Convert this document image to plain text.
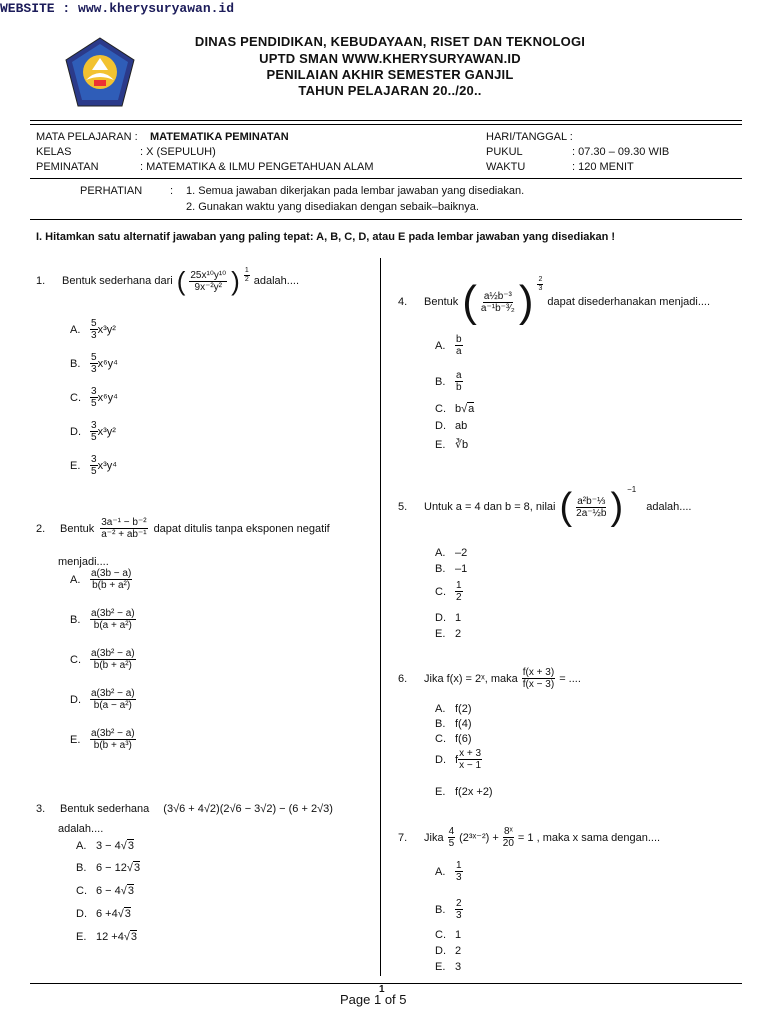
WEBSITE : www.kherysuryawan.id
DINAS PENDIDIKAN, KEBUDAYAAN, RISET DAN TEKNOLOGI
UPTD SMAN WWW.KHERYSURYAWAN.ID
PENILAIAN AKHIR SEMESTER GANJIL
TAHUN PELAJARAN 20../20..
MATA PELAJARAN : MATEMATIKA PEMINATAN
KELAS	: X (SEPULUH)
PEMINATAN	: MATEMATIKA & ILMU PENGETAHUAN ALAM
HARI/TANGGAL :
PUKUL	: 07.30 – 09.30 WIB
WAKTU	: 120 MENIT
PERHATIAN	: 1. Semua jawaban dikerjakan pada lembar jawaban yang disediakan.
2. Gunakan waktu yang disediakan dengan sebaik–baiknya.
I. Hitamkan satu alternatif jawaban yang paling tepat: A, B, C, D, atau E pada lembar jawaban yang disediakan !
1.	Bentuk sederhana dari ( $\frac{\text{25x¹⁰y¹⁰}}{\text{9x⁻²y²}}$ ) $\frac{1}{2}$ adalah....
A. $\frac{5}{3} x^3y^2$
B. $\frac{5}{3} x^6y^4$
C. $\frac{3}{5} x^6y^4$
D. $\frac{3}{5} x^3y^2$
E. $\frac{3}{5} x^3y^4$
2.	Bentuk $\frac{\text{3a⁻¹ − b⁻²}}{\text{a⁻² + ab⁻¹}}$ dapat ditulis tanpa eksponen negatif
menjadi....
A. $\frac{a(3b - a)}{\text{b(b + a²)}}$
B. $\frac{\text{a(3b² − a)}}{\text{b(a + a²)}}$
C. $\frac{\text{a(3b² − a)}}{\text{b(b + a²)}}$
D. $\frac{\text{a(3b² − a)}}{\text{b(a − a²)}}$
E. $\frac{\text{a(3b² − a)}}{\text{b(b + a³)}}$
3.	Bentuk sederhana (3√6 + 4√2)(2√6 − 3√2) − (6 + 2√3)
adalah....
A. 3 − 4 √ 3
B. 6 − 12 √ 3
C. 6 − 4 √ 3
D. 6 +4 √ 3
E. 12 +4 √ 3
4.	Bentuk ( $\frac{\text{a½b⁻³}}{\text{a⁻¹b⁻³⁄₂}}$ ) $\frac{2}{3}$
dapat disederhanakan menjadi....
A. $\frac{b}{a}$
B. $\frac{a}{b}$
C. b √ a
D. ab
E. ∛b
5.	Untuk a = 4 dan b = 8, nilai ( $\frac{\text{a²b⁻⅓}}{\text{2a⁻½b}}$ ) −1
adalah....
A. –2
B. –1
C. $\frac{1}{2}$
D. 1
E. 2
6.	Jika f(x) = 2ˣ, maka $\frac{f(x + 3)}{f(x - 3)}$ = ....
A. f(2)
B. f(4)
C. f(6)
D. f $\frac{x + 3}{x - 1}$
E. f(2x +2)
7.	Jika $\frac{4}{5}$ (2³ˣ⁻²) + $\frac{\text{8ˣ}}{20} = 1$ , maka x sama dengan....
A. $\frac{1}{3}$
B. $\frac{2}{3}$
C. 1
D. 2
E. 3
1
Page 1 of 5
